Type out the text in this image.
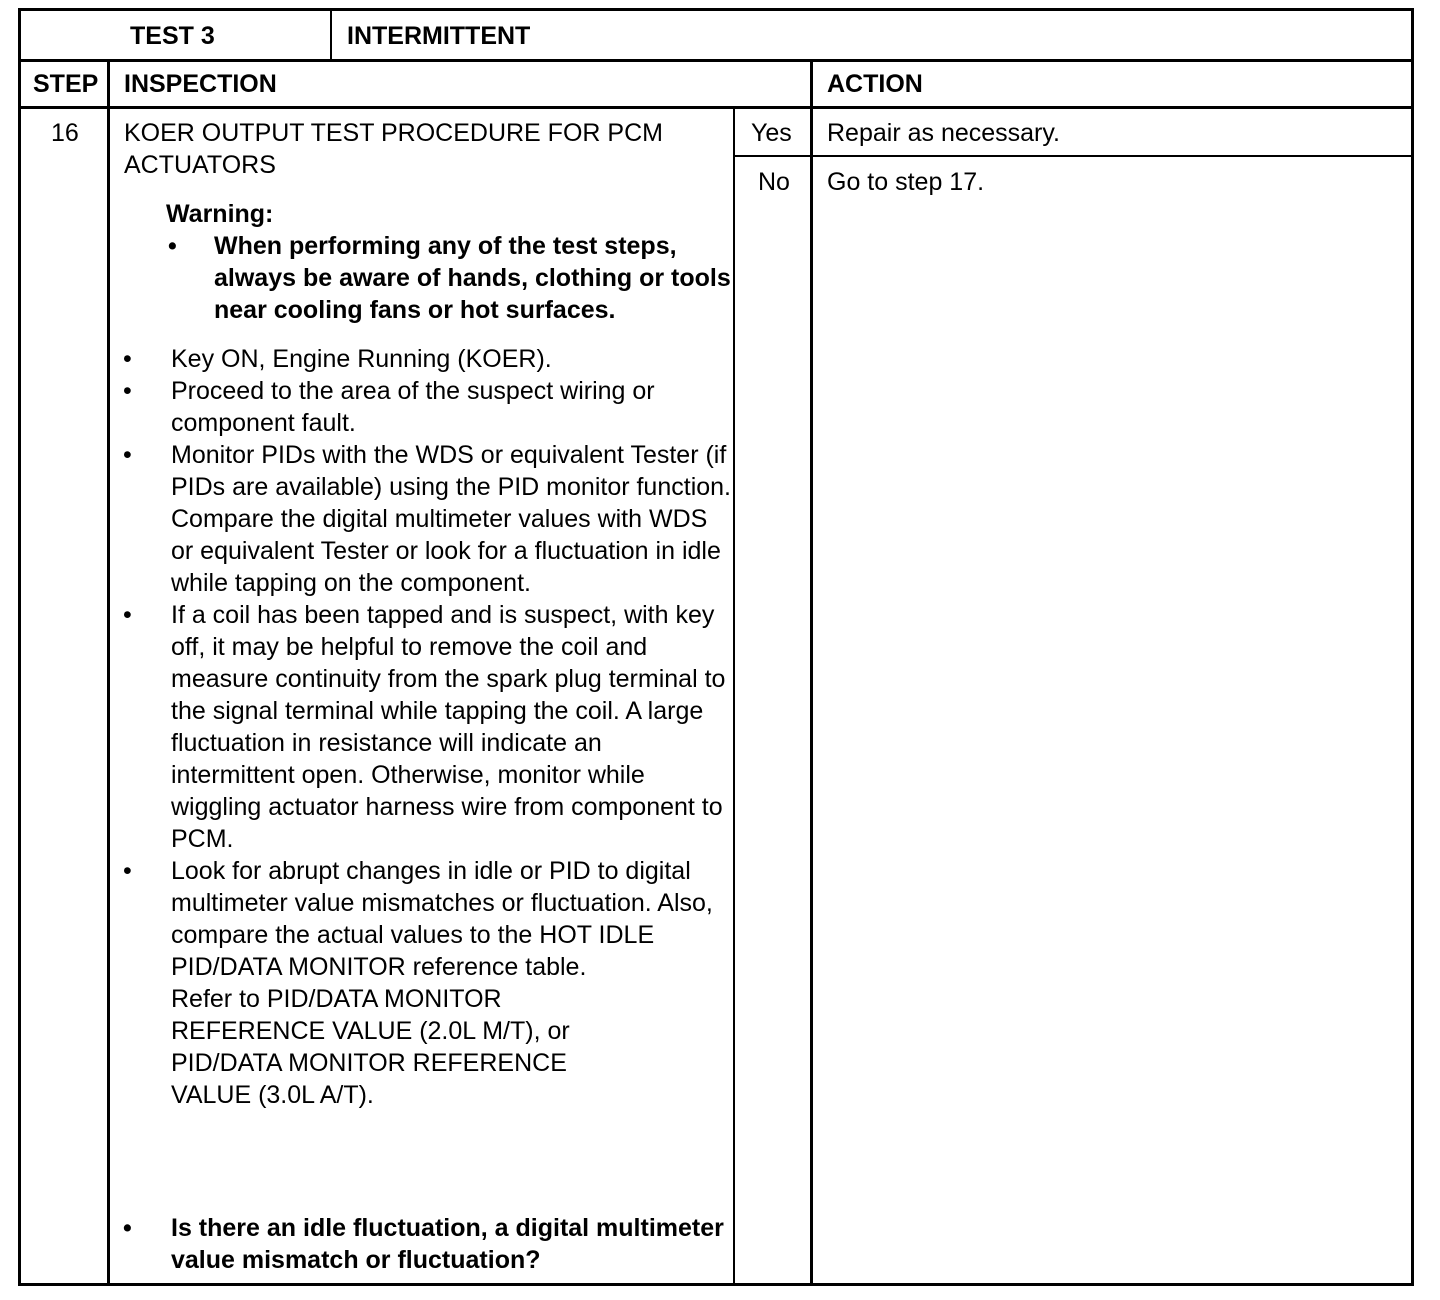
TEST 3	INTERMITTENT
STEP INSPECTION	ACTION
16 KOER OUTPUT TEST PROCEDURE FOR PCM ACTUATORS
Warning:
• When performing any of the test steps, always be aware of hands, clothing or tools near cooling fans or hot surfaces.
• Key ON, Engine Running (KOER).
• Proceed to the area of the suspect wiring or component fault.
• Monitor PIDs with the WDS or equivalent Tester (if PIDs are available) using the PID monitor function. Compare the digital multimeter values with WDS or equivalent Tester or look for a fluctuation in idle while tapping on the component.
• If a coil has been tapped and is suspect, with key off, it may be helpful to remove the coil and measure continuity from the spark plug terminal to the signal terminal while tapping the coil. A large fluctuation in resistance will indicate an intermittent open. Otherwise, monitor while wiggling actuator harness wire from component to PCM.
• Look for abrupt changes in idle or PID to digital multimeter value mismatches or fluctuation. Also, compare the actual values to the HOT IDLE PID/DATA MONITOR reference table.
Refer to PID/DATA MONITOR REFERENCE VALUE (2.0L M/T), or PID/DATA MONITOR REFERENCE VALUE (3.0L A/T).
• Is there an idle fluctuation, a digital multimeter value mismatch or fluctuation?
Yes
No
Repair as necessary.
Go to step 17.
